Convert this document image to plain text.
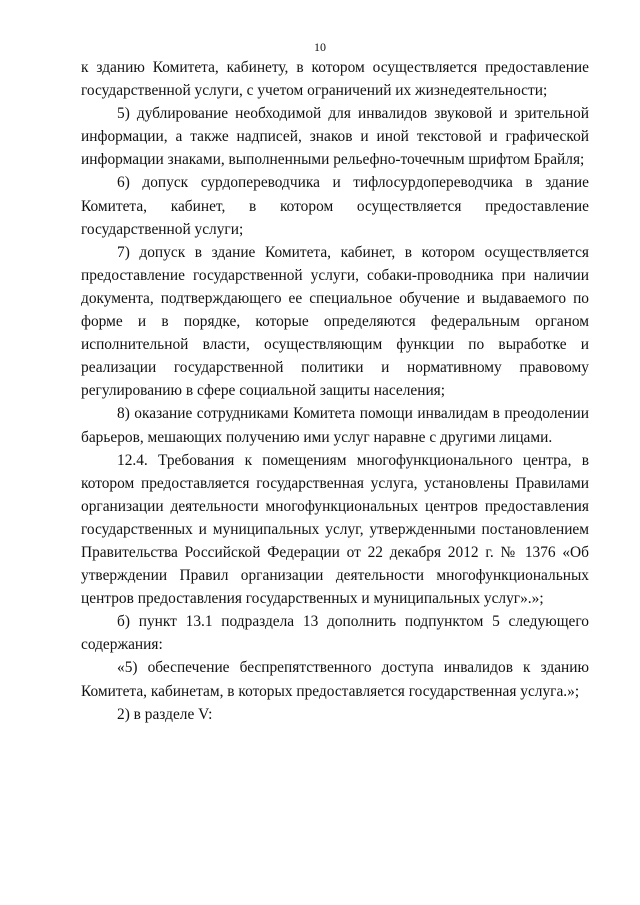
10

к зданию Комитета, кабинету, в котором осуществляется предоставление государственной услуги, с учетом ограничений их жизнедеятельности;

5) дублирование необходимой для инвалидов звуковой и зрительной информации, а также надписей, знаков и иной текстовой и графической информации знаками, выполненными рельефно-точечным шрифтом Брайля;

6) допуск сурдопереводчика и тифлосурдопереводчика в здание Комитета, кабинет, в котором осуществляется предоставление государственной услуги;

7) допуск в здание Комитета, кабинет, в котором осуществляется предоставление государственной услуги, собаки-проводника при наличии документа, подтверждающего ее специальное обучение и выдаваемого по форме и в порядке, которые определяются федеральным органом исполнительной власти, осуществляющим функции по выработке и реализации государственной политики и нормативному правовому регулированию в сфере социальной защиты населения;

8) оказание сотрудниками Комитета помощи инвалидам в преодолении барьеров, мешающих получению ими услуг наравне с другими лицами.

12.4. Требования к помещениям многофункционального центра, в котором предоставляется государственная услуга, установлены Правилами организации деятельности многофункциональных центров предоставления государственных и муниципальных услуг, утвержденными постановлением Правительства Российской Федерации от 22 декабря 2012 г. № 1376 «Об утверждении Правил организации деятельности многофункциональных центров предоставления государственных и муниципальных услуг».»;

б) пункт 13.1 подраздела 13 дополнить подпунктом 5 следующего содержания:

«5) обеспечение беспрепятственного доступа инвалидов к зданию Комитета, кабинетам, в которых предоставляется государственная услуга.»;

2) в разделе V:
